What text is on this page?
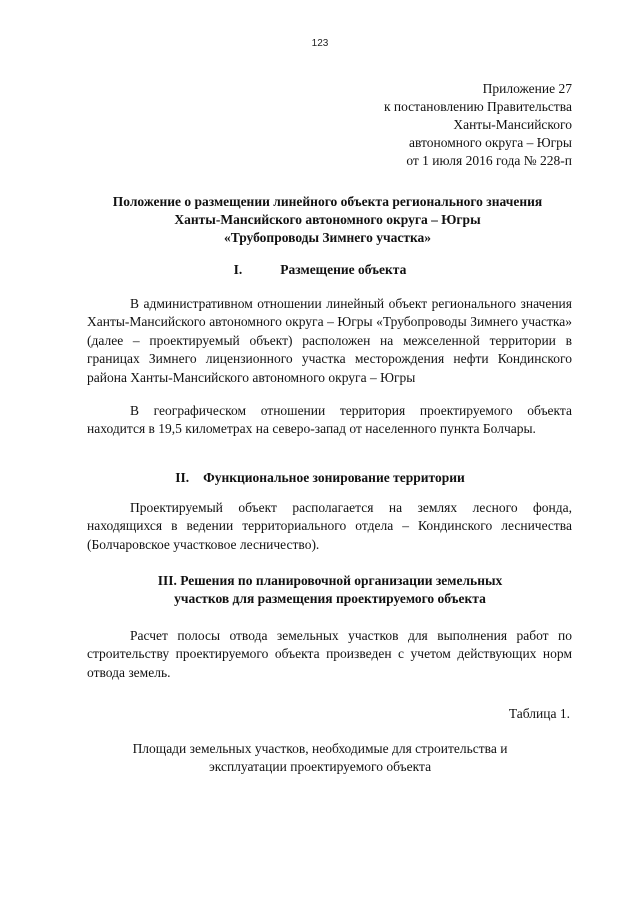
123
Приложение 27
к постановлению Правительства
Ханты-Мансийского
автономного округа – Югры
от 1 июля 2016 года № 228-п
Положение о размещении линейного объекта регионального значения
Ханты-Мансийского автономного округа – Югры
«Трубопроводы Зимнего участка»
I.	Размещение объекта

В административном отношении линейный объект регионального значения Ханты-Мансийского автономного округа – Югры «Трубопроводы Зимнего участка» (далее – проектируемый объект) расположен на межселенной территории в границах Зимнего лицензионного участка месторождения нефти Кондинского района Ханты-Мансийского автономного округа – Югры

В географическом отношении территория проектируемого объекта находится в 19,5 километрах на северо-запад от населенного пункта Болчары.

II. Функциональное зонирование территории

Проектируемый объект располагается на землях лесного фонда, находящихся в ведении территориального отдела – Кондинского лесничества (Болчаровское участковое лесничество).

III. Решения по планировочной организации земельных
участков для размещения проектируемого объекта

Расчет полосы отвода земельных участков для выполнения работ по строительству проектируемого объекта произведен с учетом действующих норм отвода земель.

Таблица 1.
Площади земельных участков, необходимые для строительства и
эксплуатации проектируемого объекта
